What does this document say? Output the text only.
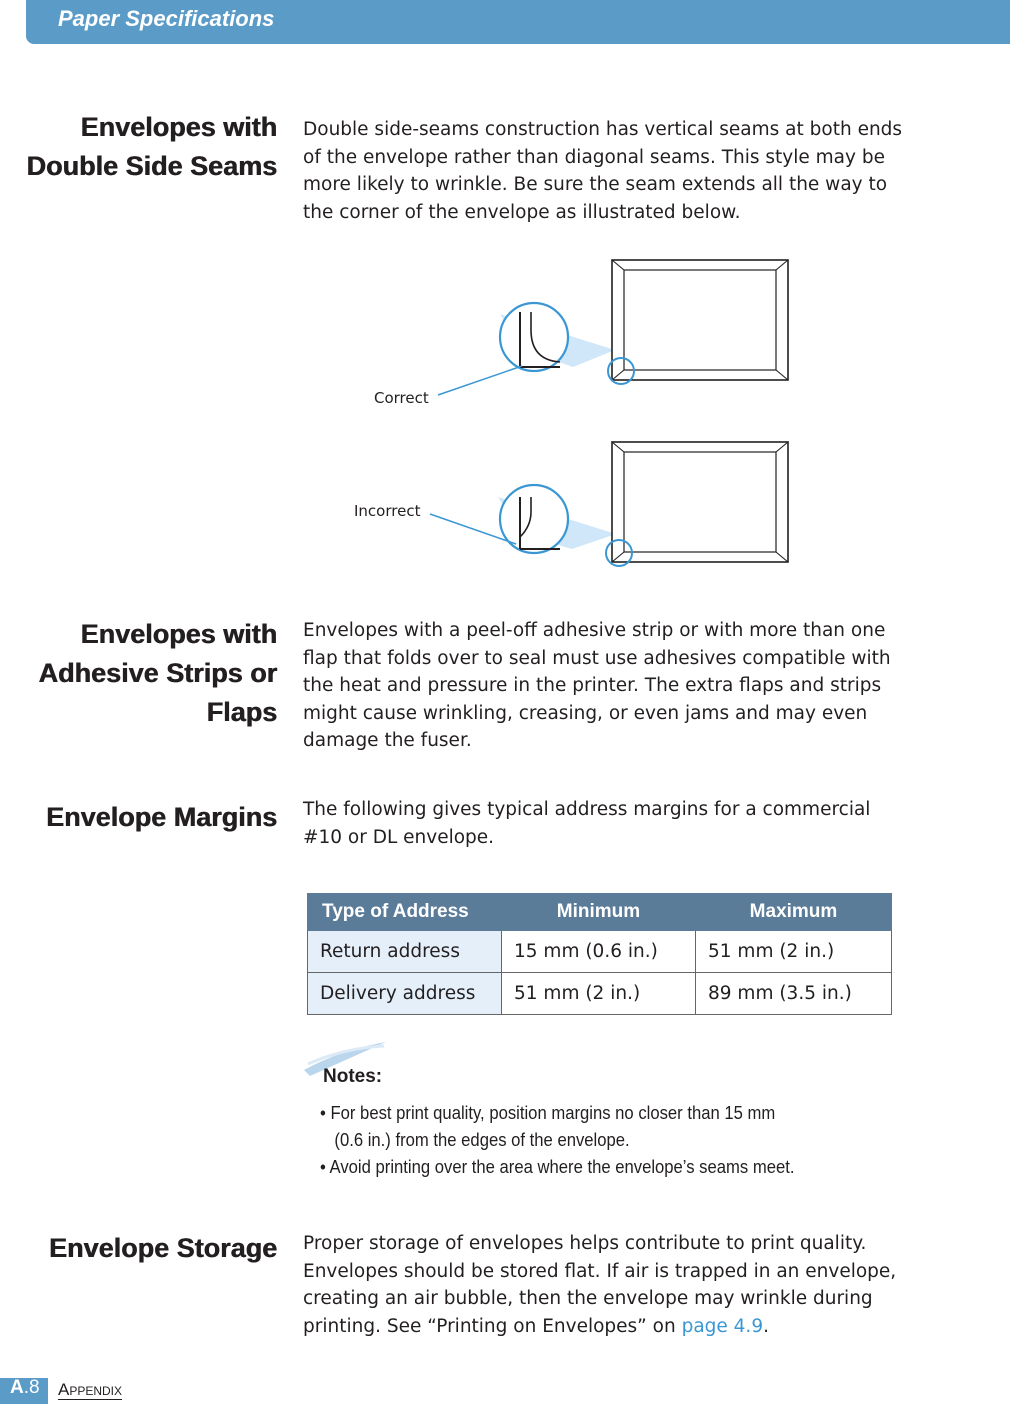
Paper Specifications
Envelopes with
Double Side Seams
Double side-seams construction has vertical seams at both ends
of the envelope rather than diagonal seams. This style may be
more likely to wrinkle. Be sure the seam extends all the way to
the corner of the envelope as illustrated below.
Correct
Incorrect
Envelopes with
Adhesive Strips or
Flaps
Envelopes with a peel-off adhesive strip or with more than one
flap that folds over to seal must use adhesives compatible with
the heat and pressure in the printer. The extra flaps and strips
might cause wrinkling, creasing, or even jams and may even
damage the fuser.
Envelope Margins The following gives typical address margins for a commercial
#10 or DL envelope.
Type of Address	Minimum	Maximum
Return address	15 mm (0.6 in.)	51 mm (2 in.)
Delivery address	51 mm (2 in.)	89 mm (3.5 in.)
Notes:
• For best print quality, position margins no closer than 15 mm
(0.6 in.) from the edges of the envelope.
• Avoid printing over the area where the envelope’s seams meet.
Envelope Storage Proper storage of envelopes helps contribute to print quality.
Envelopes should be stored flat. If air is trapped in an envelope,
creating an air bubble, then the envelope may wrinkle during
printing. See “Printing on Envelopes” on page 4.9.
A.8 Appendix
